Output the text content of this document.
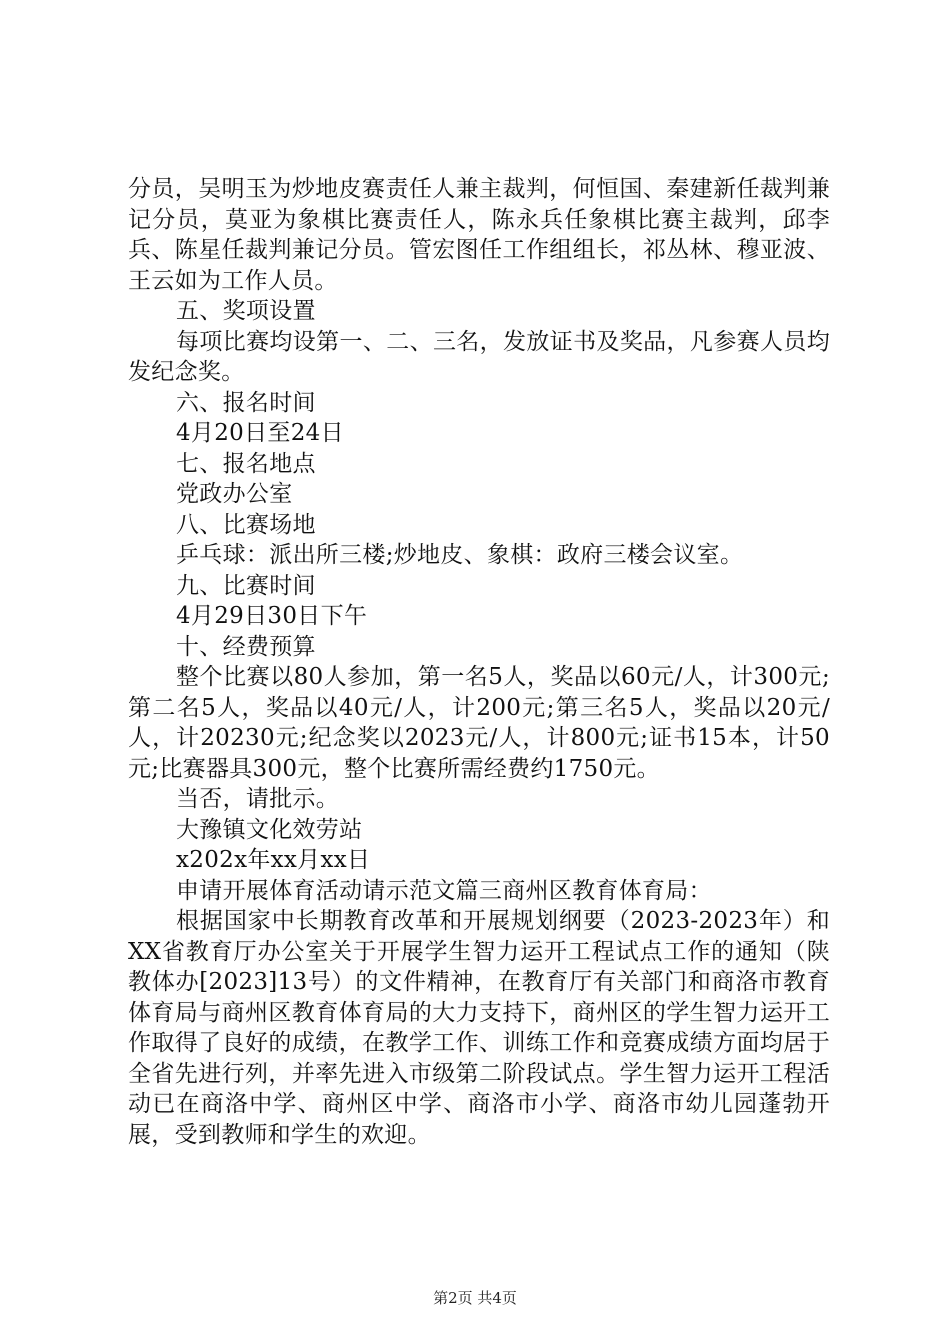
分员，吴明玉为炒地皮赛责任人兼主裁判，何恒国、秦建新任裁判兼记分员，莫亚为象棋比赛责任人，陈永兵任象棋比赛主裁判，邱李兵、陈星任裁判兼记分员。管宏图任工作组组长，祁丛林、穆亚波、王云如为工作人员。

五、奖项设置

每项比赛均设第一、二、三名，发放证书及奖品，凡参赛人员均发纪念奖。

六、报名时间

4月20日至24日

七、报名地点

党政办公室

八、比赛场地

乒乓球：派出所三楼;炒地皮、象棋：政府三楼会议室。

九、比赛时间

4月29日30日下午

十、经费预算

整个比赛以80人参加，第一名5人，奖品以60元/人，计300元;第二名5人，奖品以40元/人，计200元;第三名5人，奖品以20元/人，计20230元;纪念奖以2023元/人，计800元;证书15本，计50元;比赛器具300元，整个比赛所需经费约1750元。

当否，请批示。

大豫镇文化效劳站

x202x年xx月xx日

申请开展体育活动请示范文篇三商州区教育体育局：

根据国家中长期教育改革和开展规划纲要（2023-2023年）和XX省教育厅办公室关于开展学生智力运开工程试点工作的通知（陕教体办[2023]13号）的文件精神，在教育厅有关部门和商洛市教育体育局与商州区教育体育局的大力支持下，商州区的学生智力运开工作取得了良好的成绩，在教学工作、训练工作和竞赛成绩方面均居于全省先进行列，并率先进入市级第二阶段试点。学生智力运开工程活动已在商洛中学、商州区中学、商洛市小学、商洛市幼儿园蓬勃开展，受到教师和学生的欢迎。

第2页 共4页
